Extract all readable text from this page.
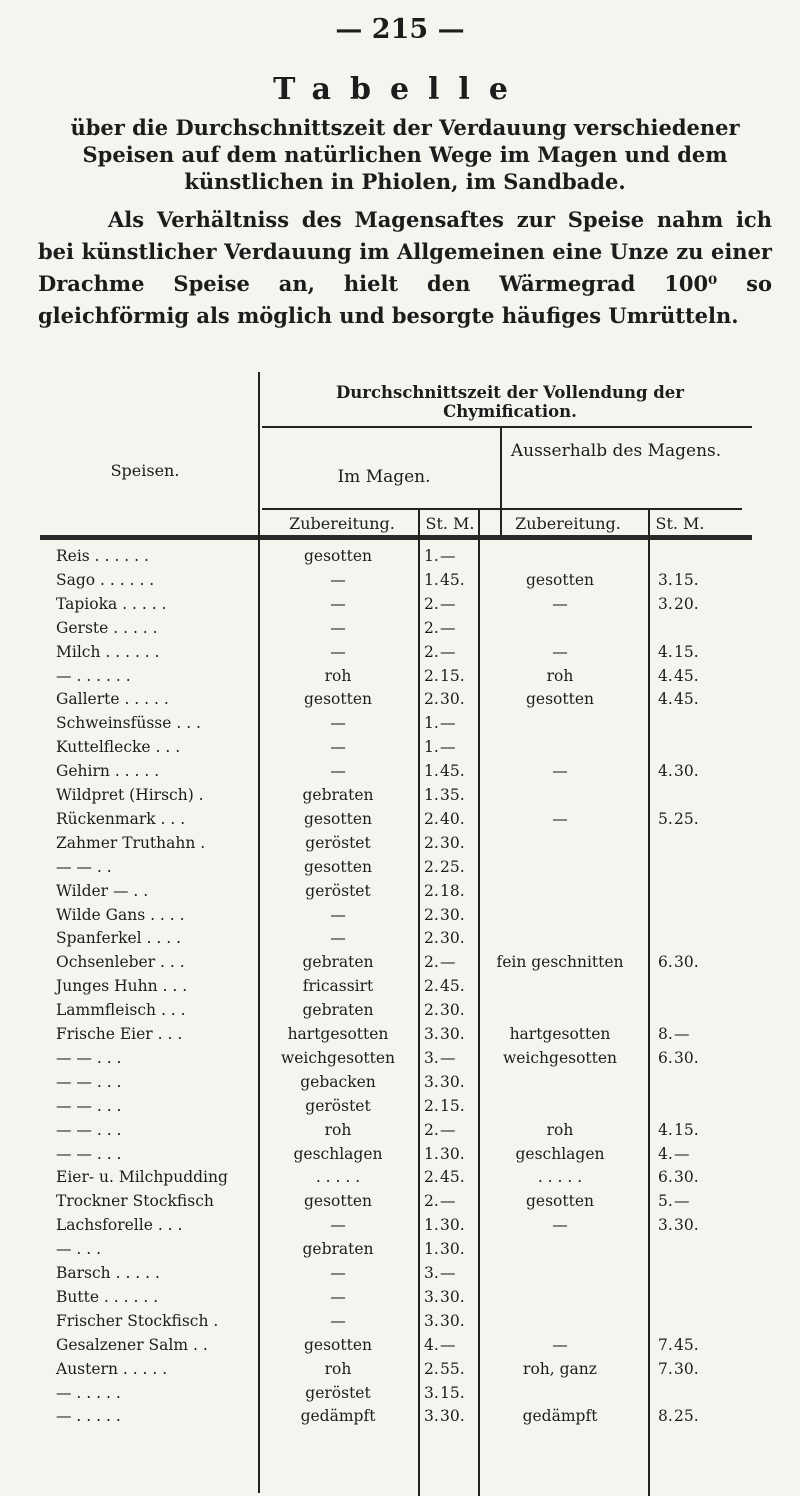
— 215 —
Tabelle
über die Durchschnittszeit der Verdauung verschiedener Speisen auf dem natürlichen Wege im Magen und dem künstlichen in Phiolen, im Sandbade.
Als Verhältniss des Magensaftes zur Speise nahm ich bei künstlicher Verdauung im Allgemeinen eine Unze zu einer Drachme Speise an, hielt den Wärmegrad 100⁰ so gleichförmig als möglich und besorgte häufiges Umrütteln.
Speisen.
Durchschnittszeit der Vollendung der Chymification.
Im Magen.
Ausserhalb des Magens.
Zubereitung.	St. M.	Zubereitung.	St. M.
Reis . . . . . .	gesotten	1. —
Sago . . . . . .	—	1. 45.	gesotten	3. 15.
Tapioka . . . . .	—	2. —	—	3. 20.
Gerste . . . . .	—	2. —
Milch . . . . . .	—	2. —	—	4. 15.
— . . . . . .	roh	2. 15.	roh	4. 45.
Gallerte . . . . .	gesotten	2. 30.	gesotten	4. 45.
Schweinsfüsse . . .	—	1. —
Kuttelflecke . . .	—	1. —
Gehirn . . . . .	—	1. 45.	—	4. 30.
Wildpret (Hirsch) .	gebraten	1. 35.
Rückenmark . . .	gesotten	2. 40.	—	5. 25.
Zahmer Truthahn .	geröstet	2. 30.
— — . .	gesotten	2. 25.
Wilder — . .	geröstet	2. 18.
Wilde Gans . . . .	—	2. 30.
Spanferkel . . . .	—	2. 30.
Ochsenleber . . .	gebraten	2. —	fein geschnitten	6. 30.
Junges Huhn . . .	fricassirt	2. 45.
Lammfleisch . . .	gebraten	2. 30.
Frische Eier . . .	hartgesotten	3. 30.	hartgesotten	8. —
— — . . .	weichgesotten	3. —	weichgesotten	6. 30.
— — . . .	gebacken	3. 30.
— — . . .	geröstet	2. 15.
— — . . .	roh	2. —	roh	4. 15.
— — . . .	geschlagen	1. 30.	geschlagen	4. —
Eier- u. Milchpudding	. . . . .	2. 45.	. . . . .	6. 30.
Trockner Stockfisch	gesotten	2. —	gesotten	5. —
Lachsforelle . . .	—	1. 30.	—	3. 30.
— . . .	gebraten	1. 30.
Barsch . . . . .	—	3. —
Butte . . . . . .	—	3. 30.
Frischer Stockfisch .	—	3. 30.
Gesalzener Salm . .	gesotten	4. —	—	7. 45.
Austern . . . . .	roh	2. 55.	roh, ganz	7. 30.
— . . . . .	geröstet	3. 15.
— . . . . .	gedämpft	3. 30.	gedämpft	8. 25.
